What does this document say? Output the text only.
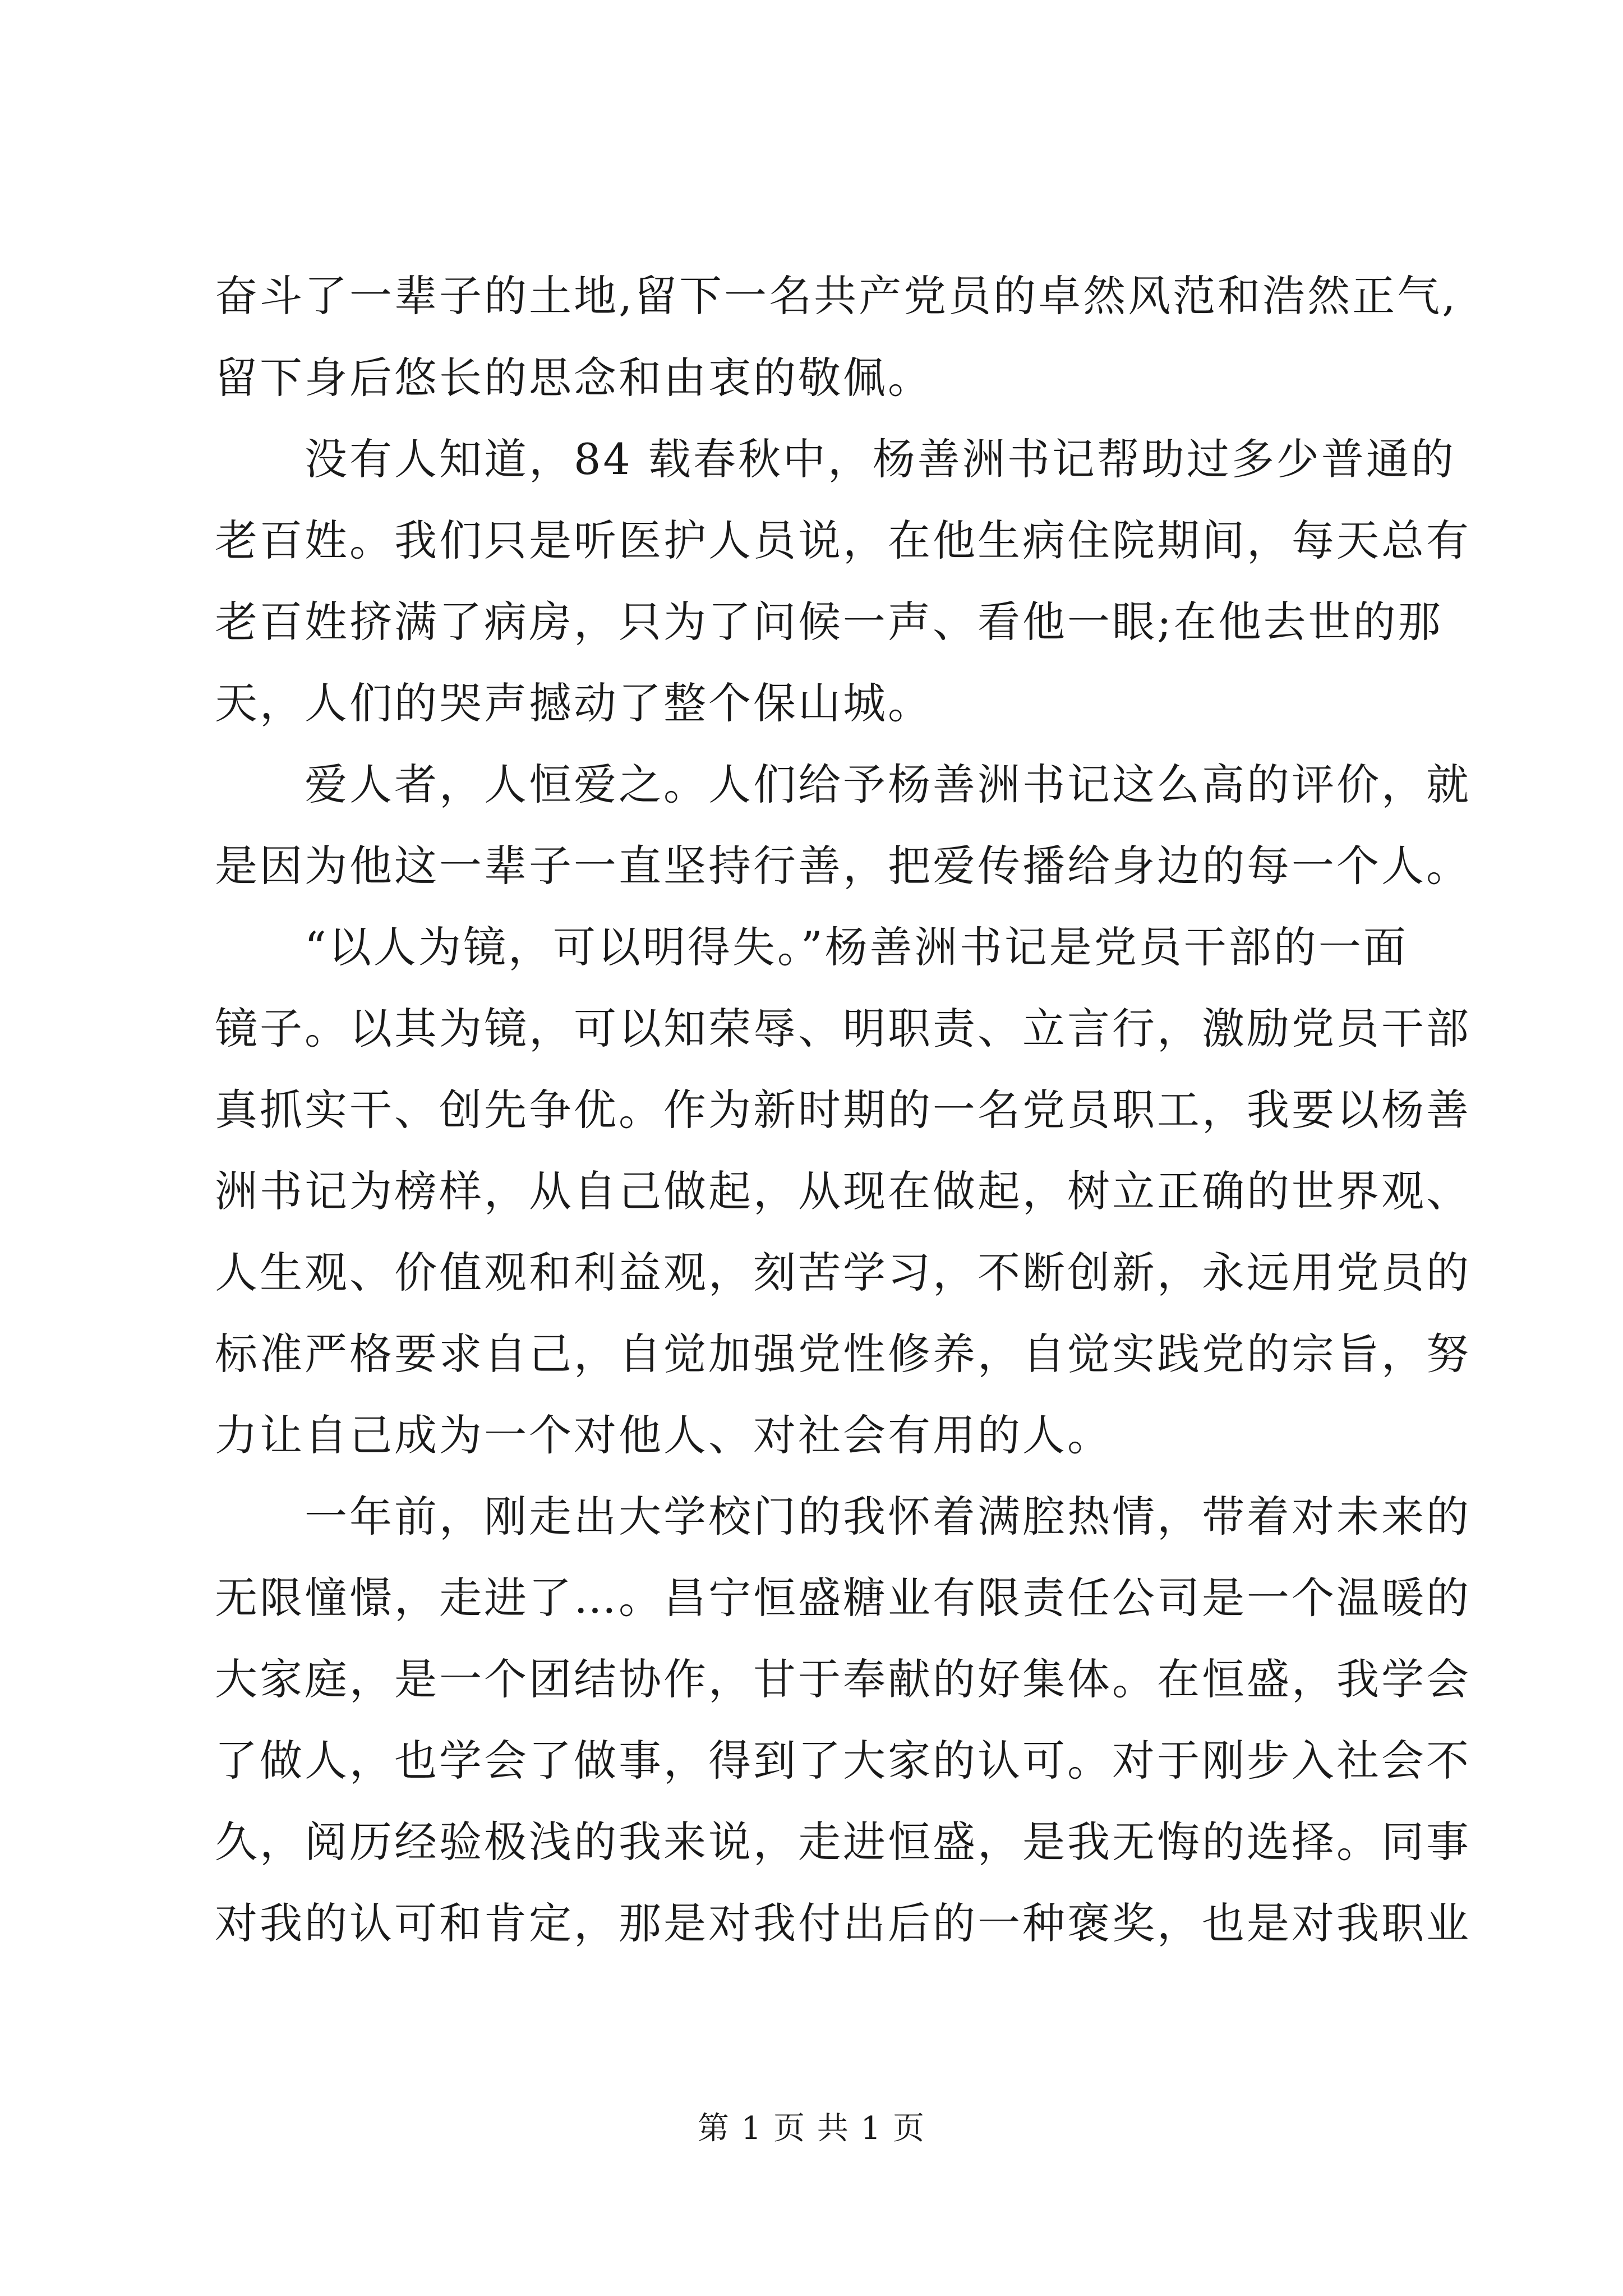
奋斗了一辈子的土地,留下一名共产党员的卓然风范和浩然正气,
留下身后悠长的思念和由衷的敬佩。
　　没有人知道，84 载春秋中，杨善洲书记帮助过多少普通的
老百姓。我们只是听医护人员说，在他生病住院期间，每天总有
老百姓挤满了病房，只为了问候一声、看他一眼;在他去世的那
天，人们的哭声撼动了整个保山城。
　　爱人者，人恒爱之。人们给予杨善洲书记这么高的评价，就
是因为他这一辈子一直坚持行善，把爱传播给身边的每一个人。
　　“以人为镜，可以明得失。”杨善洲书记是党员干部的一面
镜子。以其为镜，可以知荣辱、明职责、立言行，激励党员干部
真抓实干、创先争优。作为新时期的一名党员职工，我要以杨善
洲书记为榜样，从自己做起，从现在做起，树立正确的世界观、
人生观、价值观和利益观，刻苦学习，不断创新，永远用党员的
标准严格要求自己，自觉加强党性修养，自觉实践党的宗旨，努
力让自己成为一个对他人、对社会有用的人。
　　一年前，刚走出大学校门的我怀着满腔热情，带着对未来的
无限憧憬，走进了…。昌宁恒盛糖业有限责任公司是一个温暖的
大家庭，是一个团结协作，甘于奉献的好集体。在恒盛，我学会
了做人，也学会了做事，得到了大家的认可。对于刚步入社会不
久，阅历经验极浅的我来说，走进恒盛，是我无悔的选择。同事
对我的认可和肯定，那是对我付出后的一种褒奖，也是对我职业
第 1 页 共 1 页
